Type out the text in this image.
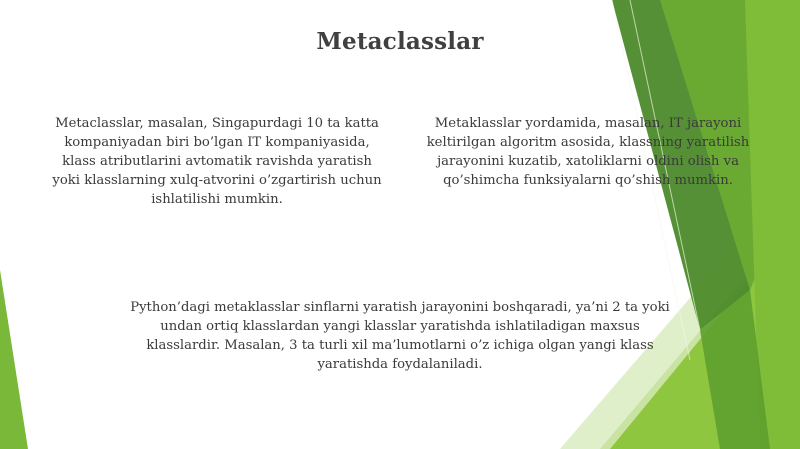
Metaclasslar
Metaclasslar, masalan, Singapurdagi 10 ta katta kompaniyadan biri bo’lgan IT kompaniyasida, klass atributlarini avtomatik ravishda yaratish yoki klasslarning xulq-atvorini o’zgartirish uchun ishlatilishi mumkin.
Metaklasslar yordamida, masalan, IT jarayoni
keltirilgan algoritm asosida, klassning yaratilish
jarayonini kuzatib, xatoliklarni oldini olish va
qo’shimcha funksiyalarni qo’shish mumkin.
Python’dagi metaklasslar sinflarni yaratish jarayonini boshqaradi, ya’ni 2 ta yoki undan ortiq klasslardan yangi klasslar yaratishda ishlatiladigan maxsus klasslardir. Masalan, 3 ta turli xil ma’lumotlarni o’z ichiga olgan yangi klass yaratishda foydalaniladi.
